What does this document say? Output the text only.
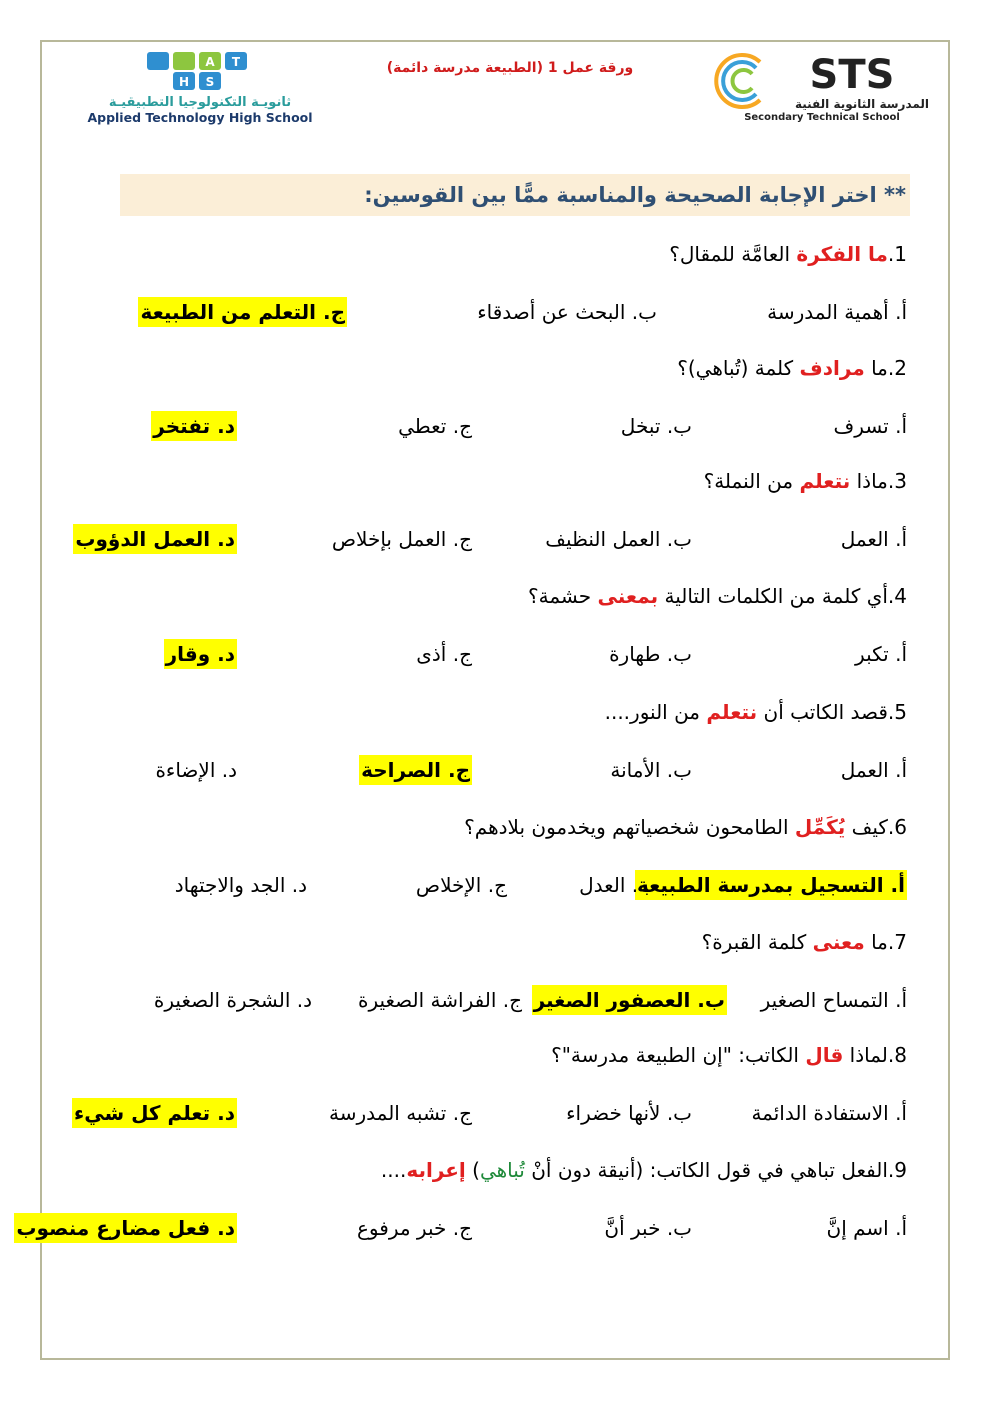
A T
H S
ثانويـة التكنولوجيا التطبيقيـة
Applied Technology High School
ورقة عمل 1 (الطبيعة مدرسة دائمة)	STS
المدرسة الثانوية الفنية
Secondary Technical School
** اختر الإجابة الصحيحة والمناسبة ممًّا بين القوسين:
1.ما الفكرة العامَّة للمقال؟
أ. أهمية المدرسة
ب. البحث عن أصدقاء
ج. التعلم من الطبيعة
2.ما مرادف كلمة (تُباهي)؟
أ. تسرف
ب. تبخل
ج. تعطي
د. تفتخر
3.ماذا نتعلم من النملة؟
أ. العمل
ب. العمل النظيف
ج. العمل بإخلاص
د. العمل الدؤوب
4.أي كلمة من الكلمات التالية بمعنى حشمة؟
أ. تكبر
ب. طهارة
ج. أذى
د. وقار
5.قصد الكاتب أن نتعلم من النور....
أ. العمل
ب. الأمانة
ج. الصراحة
د. الإضاءة
6.كيف يُكَمِّل الطامحون شخصياتهم ويخدمون بلادهم؟
أ. التسجيل بمدرسة الطبيعة
ب. العدل
ج. الإخلاص
د. الجد والاجتهاد
7.ما معنى كلمة القبرة؟
أ. التمساح الصغير
ب. العصفور الصغير
ج. الفراشة الصغيرة
د. الشجرة الصغيرة
8.لماذا قال الكاتب: "إن الطبيعة مدرسة"؟
أ. الاستفادة الدائمة
ب. لأنها خضراء
ج. تشبه المدرسة
د. تعلم كل شيء
9.الفعل تباهي في قول الكاتب: (أنيقة دون أنْ تُباهي) إعرابه....
أ. اسم إنَّ
ب. خبر أنَّ
ج. خبر مرفوع
د. فعل مضارع منصوب
